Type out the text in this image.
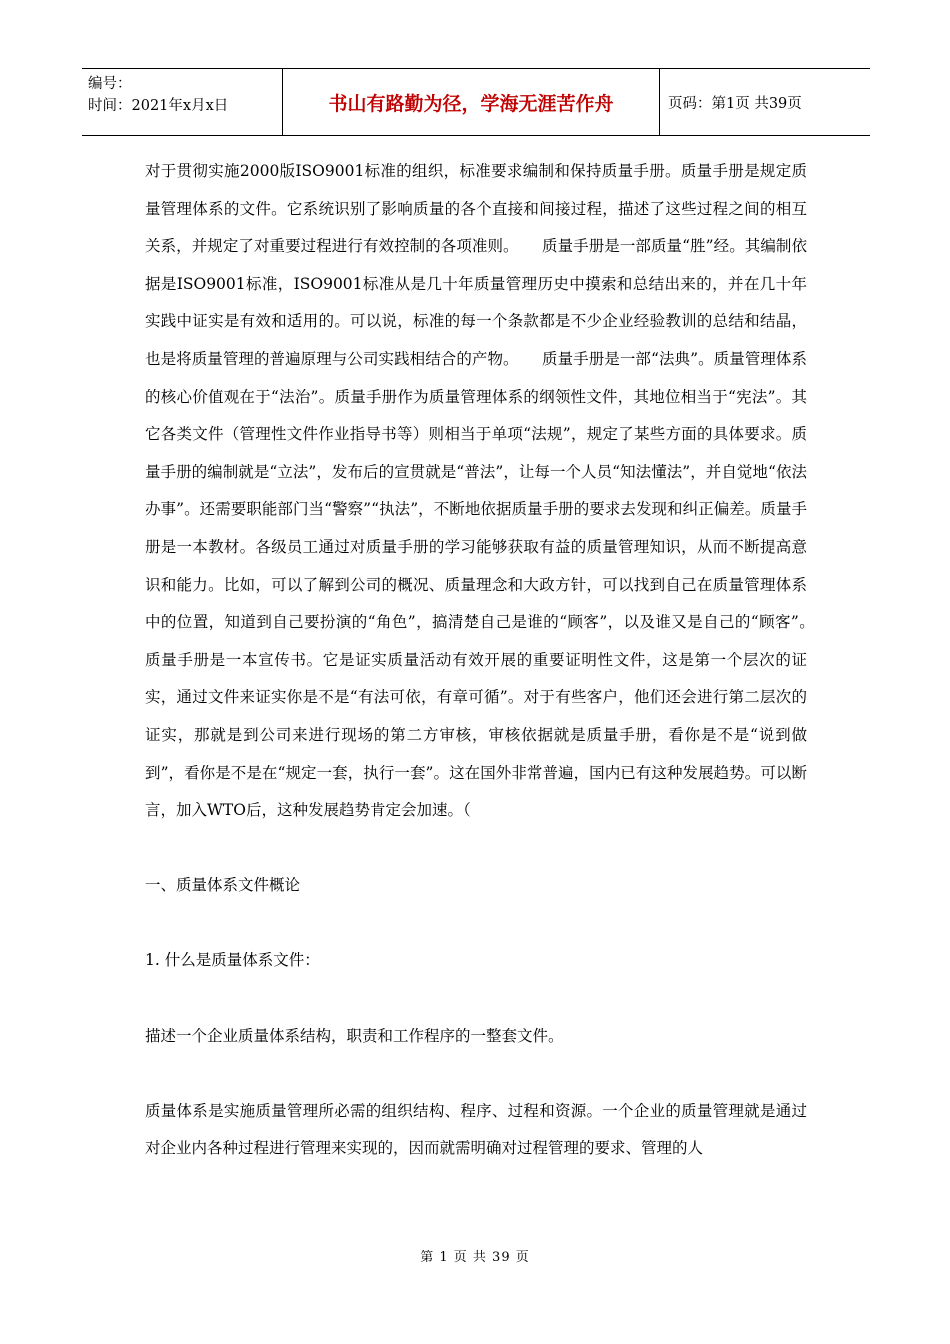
编号：
时间：2021年x月x日	书山有路勤为径，学海无涯苦作舟	页码：第1页 共39页

对于贯彻实施2000版ISO9001标准的组织，标准要求编制和保持质量手册。质量手册是规定质量管理体系的文件。它系统识别了影响质量的各个直接和间接过程，描述了这些过程之间的相互关系，并规定了对重要过程进行有效控制的各项准则。　　质量手册是一部质量“胜”经。其编制依据是ISO9001标准，ISO9001标准从是几十年质量管理历史中摸索和总结出来的，并在几十年实践中证实是有效和适用的。可以说，标准的每一个条款都是不少企业经验教训的总结和结晶，也是将质量管理的普遍原理与公司实践相结合的产物。　　质量手册是一部“法典”。质量管理体系的核心价值观在于“法治”。质量手册作为质量管理体系的纲领性文件，其地位相当于“宪法”。其它各类文件（管理性文件作业指导书等）则相当于单项“法规”，规定了某些方面的具体要求。质量手册的编制就是“立法”，发布后的宣贯就是“普法”，让每一个人员“知法懂法”，并自觉地“依法办事”。还需要职能部门当“警察”“执法”，不断地依据质量手册的要求去发现和纠正偏差。质量手册是一本教材。各级员工通过对质量手册的学习能够获取有益的质量管理知识，从而不断提高意识和能力。比如，可以了解到公司的概况、质量理念和大政方针，可以找到自己在质量管理体系中的位置，知道到自己要扮演的“角色”，搞清楚自己是谁的“顾客”，以及谁又是自己的“顾客”。　　质量手册是一本宣传书。它是证实质量活动有效开展的重要证明性文件，这是第一个层次的证实，通过文件来证实你是不是“有法可依，有章可循”。对于有些客户，他们还会进行第二层次的证实，那就是到公司来进行现场的第二方审核，审核依据就是质量手册，看你是不是“说到做到”，看你是不是在“规定一套，执行一套”。这在国外非常普遍，国内已有这种发展趋势。可以断言，加入WTO后，这种发展趋势肯定会加速。（

一、质量体系文件概论

1. 什么是质量体系文件：

描述一个企业质量体系结构，职责和工作程序的一整套文件。

质量体系是实施质量管理所必需的组织结构、程序、过程和资源。一个企业的质量管理就是通过对企业内各种过程进行管理来实现的，因而就需明确对过程管理的要求、管理的人

第 1 页 共 39 页
